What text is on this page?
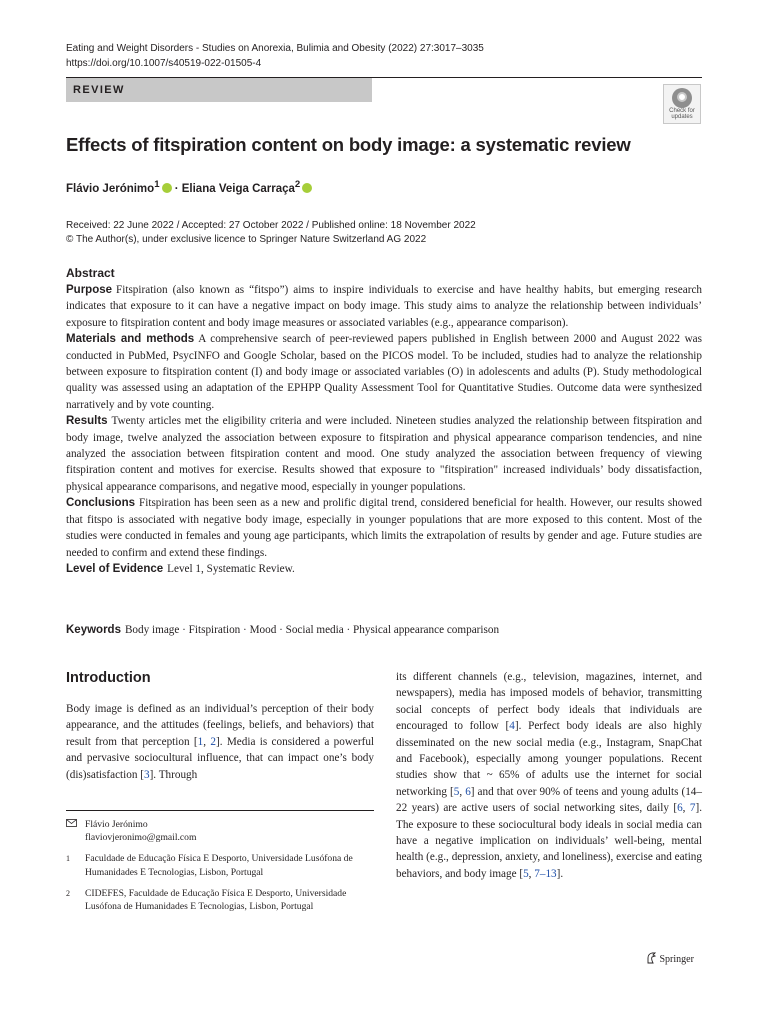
Eating and Weight Disorders - Studies on Anorexia, Bulimia and Obesity (2022) 27:3017–3035
https://doi.org/10.1007/s40519-022-01505-4
REVIEW
Check for
updates
Effects of fitspiration content on body image: a systematic review
Flávio Jerónimo$^1$ · Eliana Veiga Carraça$^2$
Received: 22 June 2022 / Accepted: 27 October 2022 / Published online: 18 November 2022
© The Author(s), under exclusive licence to Springer Nature Switzerland AG 2022
Abstract
Purpose Fitspiration (also known as “fitspo”) aims to inspire individuals to exercise and have healthy habits, but emerging research indicates that exposure to it can have a negative impact on body image. This study aims to analyze the relationship between individuals’ exposure to fitspiration content and body image measures or associated variables (e.g., appearance comparison).
Materials and methods A comprehensive search of peer-reviewed papers published in English between 2000 and August 2022 was conducted in PubMed, PsycINFO and Google Scholar, based on the PICOS model. To be included, studies had to analyze the relationship between exposure to fitspiration content (I) and body image or associated variables (O) in adolescents and adults (P). Study methodological quality was assessed using an adaptation of the EPHPP Quality Assessment Tool for Quantitative Studies. Outcome data were synthesized narratively and by vote counting.
Results Twenty articles met the eligibility criteria and were included. Nineteen studies analyzed the relationship between fitspiration and body image, twelve analyzed the association between exposure to fitspiration and physical appearance comparison tendencies, and nine analyzed the association between fitspiration content and mood. One study analyzed the association between frequency of viewing fitspiration content and motives for exercise. Results showed that exposure to "fitspiration" increased individuals’ body dissatisfaction, physical appearance comparisons, and negative mood, especially in younger populations.
Conclusions Fitspiration has been seen as a new and prolific digital trend, considered beneficial for health. However, our results showed that fitspo is associated with negative body image, especially in younger populations that are more exposed to this content. Most of the studies were conducted in females and young age participants, which limits the extrapolation of results by gender and age. Future studies are needed to confirm and extend these findings.
Level of Evidence Level 1, Systematic Review.
Keywords Body image · Fitspiration · Mood · Social media · Physical appearance comparison
Introduction

Body image is defined as an individual’s perception of their body appearance, and the attitudes (feelings, beliefs, and behaviors) that result from that perception [1, 2]. Media is considered a powerful and pervasive sociocultural influence, that can impact one’s body (dis)satisfaction [3]. Through

its different channels (e.g., television, magazines, internet, and newspapers), media has imposed models of behavior, transmitting social concepts of perfect body ideals that individuals are encouraged to follow [4]. Perfect body ideals are also highly disseminated on the new social media (e.g., Instagram, SnapChat and Facebook), especially among younger populations. Recent studies show that ~ 65% of adults use the internet for social networking [5, 6] and that over 90% of teens and young adults (14–22 years) are active users of social networking sites, daily [6, 7]. The exposure to these sociocultural body ideals in social media can have a negative implication on individuals’ well-being, mental health (e.g., depression, anxiety, and loneliness), exercise and eating behaviors, and body image [5, 7–13].

Flávio Jerónimo
flaviovjeronimo@gmail.com
1 Faculdade de Educação Física E Desporto, Universidade Lusófona de Humanidades E Tecnologias, Lisbon, Portugal
2 CIDEFES, Faculdade de Educação Física E Desporto, Universidade Lusófona de Humanidades E Tecnologias, Lisbon, Portugal
Springer
